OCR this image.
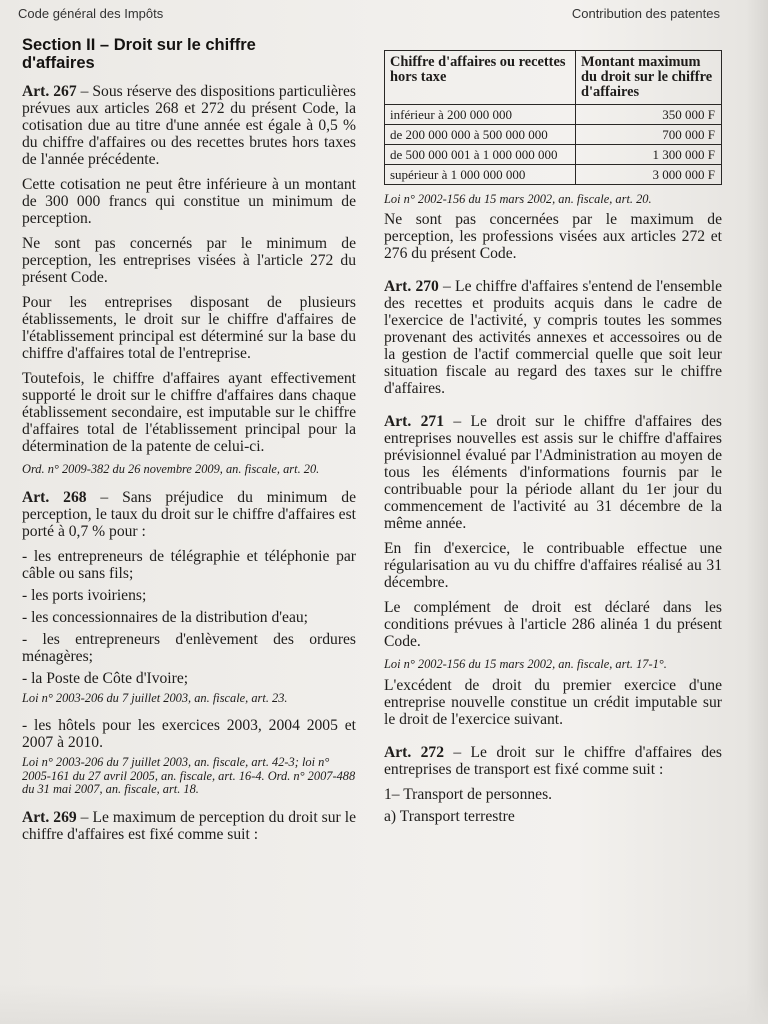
Code général des Impôts	Contribution des patentes
Section II – Droit sur le chiffre
d'affaires

Art. 267 – Sous réserve des dispositions particulières prévues aux articles 268 et 272 du présent Code, la cotisation due au titre d'une année est égale à 0,5 % du chiffre d'affaires ou des recettes brutes hors taxes de l'année précédente.

Cette cotisation ne peut être inférieure à un montant de 300 000 francs qui constitue un minimum de perception.

Ne sont pas concernés par le minimum de perception, les entreprises visées à l'article 272 du présent Code.

Pour les entreprises disposant de plusieurs établissements, le droit sur le chiffre d'affaires de l'établissement principal est déterminé sur la base du chiffre d'affaires total de l'entreprise.

Toutefois, le chiffre d'affaires ayant effectivement supporté le droit sur le chiffre d'affaires dans chaque établissement secondaire, est imputable sur le chiffre d'affaires total de l'établissement principal pour la détermination de la patente de celui-ci.

Ord. n° 2009-382 du 26 novembre 2009, an. fiscale, art. 20.

Art. 268 – Sans préjudice du minimum de perception, le taux du droit sur le chiffre d'affaires est porté à 0,7 % pour :

- les entrepreneurs de télégraphie et téléphonie par câble ou sans fils;

- les ports ivoiriens;

- les concessionnaires de la distribution d'eau;

- les entrepreneurs d'enlèvement des ordures ménagères;

- la Poste de Côte d'Ivoire;

Loi n° 2003-206 du 7 juillet 2003, an. fiscale, art. 23.

- les hôtels pour les exercices 2003, 2004 2005 et 2007 à 2010.

Loi n° 2003-206 du 7 juillet 2003, an. fiscale, art. 42-3; loi n° 2005-161 du 27 avril 2005, an. fiscale, art. 16-4. Ord. n° 2007-488 du 31 mai 2007, an. fiscale, art. 18.

Art. 269 – Le maximum de perception du droit sur le chiffre d'affaires est fixé comme suit :

Chiffre d'affaires ou recettes hors taxe	Montant maximum du droit sur le chiffre d'affaires
inférieur à 200 000 000	350 000 F
de 200 000 000 à 500 000 000	700 000 F
de 500 000 001 à 1 000 000 000	1 300 000 F
supérieur à 1 000 000 000	3 000 000 F

Loi n° 2002-156 du 15 mars 2002, an. fiscale, art. 20.

Ne sont pas concernées par le maximum de perception, les professions visées aux articles 272 et 276 du présent Code.

Art. 270 – Le chiffre d'affaires s'entend de l'ensemble des recettes et produits acquis dans le cadre de l'exercice de l'activité, y compris toutes les sommes provenant des activités annexes et accessoires ou de la gestion de l'actif commercial quelle que soit leur situation fiscale au regard des taxes sur le chiffre d'affaires.

Art. 271 – Le droit sur le chiffre d'affaires des entreprises nouvelles est assis sur le chiffre d'affaires prévisionnel évalué par l'Administration au moyen de tous les éléments d'informations fournis par le contribuable pour la période allant du 1er jour du commencement de l'activité au 31 décembre de la même année.

En fin d'exercice, le contribuable effectue une régularisation au vu du chiffre d'affaires réalisé au 31 décembre.

Le complément de droit est déclaré dans les conditions prévues à l'article 286 alinéa 1 du présent Code.

Loi n° 2002-156 du 15 mars 2002, an. fiscale, art. 17-1°.

L'excédent de droit du premier exercice d'une entreprise nouvelle constitue un crédit imputable sur le droit de l'exercice suivant.

Art. 272 – Le droit sur le chiffre d'affaires des entreprises de transport est fixé comme suit :

1– Transport de personnes.

a) Transport terrestre
